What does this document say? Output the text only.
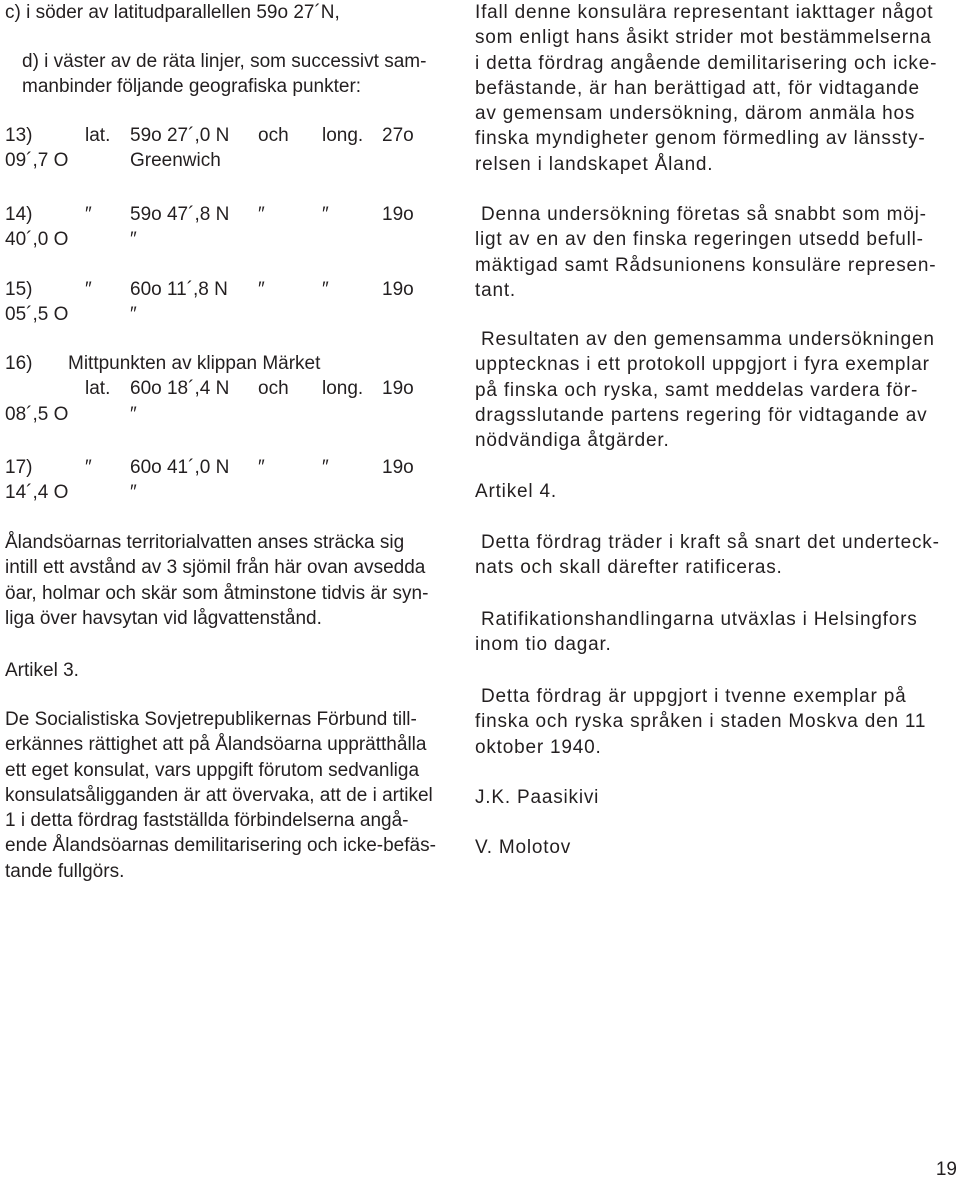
c) i söder av latitudparallellen 59o 27´N,
d) i väster av de räta linjer, som successivt sam-
manbinder följande geografiska punkter:
13)	lat. 59o 27´,0 N och long. 27o
09´,7 O	Greenwich
14)	″ 59o 47´,8 N ″	″	19o
40´,0 O	″
15)	″ 60o 11´,8 N ″	″	19o
05´,5 O	″
16) Mittpunkten av klippan Märket
lat. 60o 18´,4 N och long. 19o
08´,5 O	″
17)	″ 60o 41´,0 N ″	″	19o
14´,4 O	″
Ålandsöarnas territorialvatten anses sträcka sig
intill ett avstånd av 3 sjömil från här ovan avsedda
öar, holmar och skär som åtminstone tidvis är syn-
liga över havsytan vid lågvattenstånd.
Artikel 3.
De Socialistiska Sovjetrepublikernas Förbund till-
erkännes rättighet att på Ålandsöarna upprätthålla
ett eget konsulat, vars uppgift förutom sedvanliga
konsulatsåligganden är att övervaka, att de i artikel
1 i detta fördrag fastställda förbindelserna angå-
ende Ålandsöarnas demilitarisering och icke-befäs-
tande fullgörs.
Ifall denne konsulära representant iakttager något
som enligt hans åsikt strider mot bestämmelserna
i detta fördrag angående demilitarisering och icke-
befästande, är han berättigad att, för vidtagande
av gemensam undersökning, därom anmäla hos
finska myndigheter genom förmedling av länssty-
relsen i landskapet Åland.
Denna undersökning företas så snabbt som möj-
ligt av en av den finska regeringen utsedd befull-
mäktigad samt Rådsunionens konsuläre represen-
tant.
Resultaten av den gemensamma undersökningen
upptecknas i ett protokoll uppgjort i fyra exemplar
på finska och ryska, samt meddelas vardera för-
dragsslutande partens regering för vidtagande av
nödvändiga åtgärder.
Artikel 4.
Detta fördrag träder i kraft så snart det underteck-
nats och skall därefter ratificeras.
Ratifikationshandlingarna utväxlas i Helsingfors
inom tio dagar.
Detta fördrag är uppgjort i tvenne exemplar på
finska och ryska språken i staden Moskva den 11
oktober 1940.
J.K. Paasikivi
V. Molotov
19
